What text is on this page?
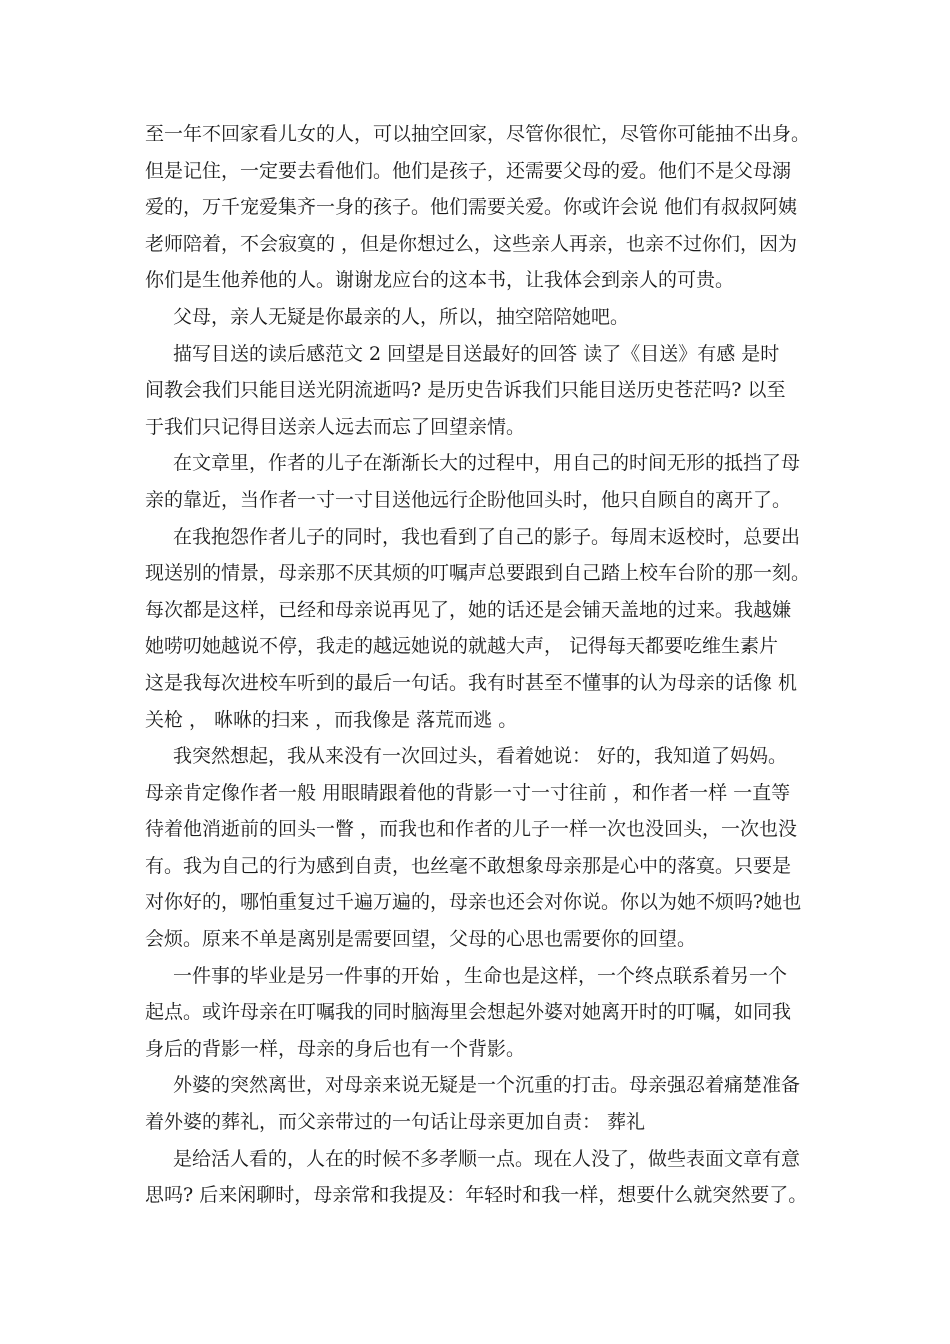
至一年不回家看儿女的人，可以抽空回家，尽管你很忙，尽管你可能抽不出身。
但是记住，一定要去看他们。他们是孩子，还需要父母的爱。他们不是父母溺
爱的，万千宠爱集齐一身的孩子。他们需要关爱。你或许会说 他们有叔叔阿姨
老师陪着，不会寂寞的 ，但是你想过么，这些亲人再亲，也亲不过你们，因为
你们是生他养他的人。谢谢龙应台的这本书，让我体会到亲人的可贵。
父母，亲人无疑是你最亲的人，所以，抽空陪陪她吧。
描写目送的读后感范文 2 回望是目送最好的回答 读了《目送》有感 是时
间教会我们只能目送光阴流逝吗? 是历史告诉我们只能目送历史苍茫吗? 以至
于我们只记得目送亲人远去而忘了回望亲情。
在文章里，作者的儿子在渐渐长大的过程中，用自己的时间无形的抵挡了母
亲的靠近，当作者一寸一寸目送他远行企盼他回头时，他只自顾自的离开了。
在我抱怨作者儿子的同时，我也看到了自己的影子。每周末返校时，总要出
现送别的情景，母亲那不厌其烦的叮嘱声总要跟到自己踏上校车台阶的那一刻。
每次都是这样，已经和母亲说再见了，她的话还是会铺天盖地的过来。我越嫌
她唠叨她越说不停，我走的越远她说的就越大声， 记得每天都要吃维生素片
这是我每次进校车听到的最后一句话。我有时甚至不懂事的认为母亲的话像 机
关枪 ， 咻咻的扫来 ，而我像是 落荒而逃 。
我突然想起，我从来没有一次回过头，看着她说： 好的，我知道了妈妈。
母亲肯定像作者一般 用眼睛跟着他的背影一寸一寸往前 ，和作者一样 一直等
待着他消逝前的回头一瞥 ，而我也和作者的儿子一样一次也没回头，一次也没
有。我为自己的行为感到自责，也丝毫不敢想象母亲那是心中的落寞。只要是
对你好的，哪怕重复过千遍万遍的，母亲也还会对你说。你以为她不烦吗?她也
会烦。原来不单是离别是需要回望，父母的心思也需要你的回望。
一件事的毕业是另一件事的开始 ，生命也是这样，一个终点联系着另一个
起点。或许母亲在叮嘱我的同时脑海里会想起外婆对她离开时的叮嘱，如同我
身后的背影一样，母亲的身后也有一个背影。
外婆的突然离世，对母亲来说无疑是一个沉重的打击。母亲强忍着痛楚准备
着外婆的葬礼，而父亲带过的一句话让母亲更加自责： 葬礼
是给活人看的，人在的时候不多孝顺一点。现在人没了，做些表面文章有意
思吗? 后来闲聊时，母亲常和我提及：年轻时和我一样，想要什么就突然要了。
